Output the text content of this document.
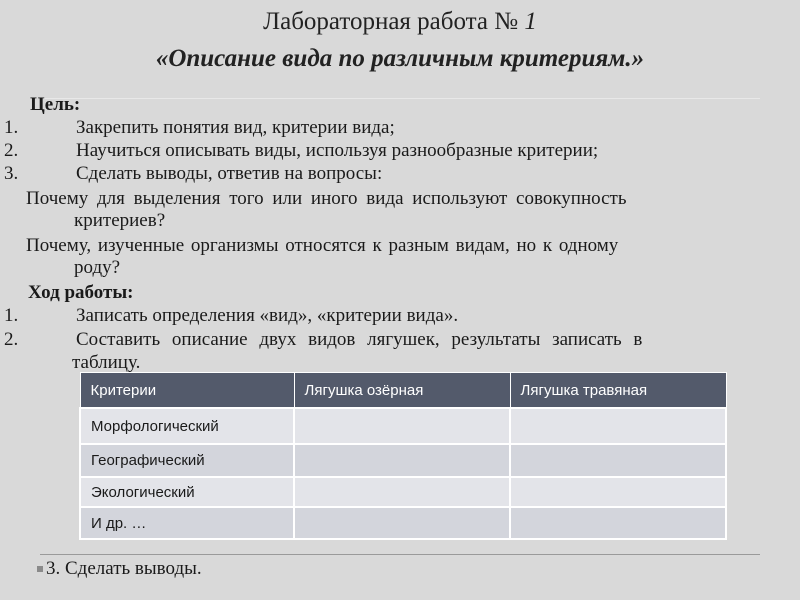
Лабораторная работа № 1
«Описание вида по различным критериям.»
Цель:
1.	Закрепить понятия вид, критерии вида;
2.	Научиться описывать виды, используя разнообразные критерии;
3.	Сделать выводы, ответив на вопросы:
Почему для выделения того или иного вида используют совокупность
критериев?
Почему, изученные организмы относятся к разным видам, но к одному
роду?
Ход работы:
1.	Записать определения «вид», «критерии вида».
2.	Составить описание двух видов лягушек, результаты записать в
таблицу.
Критерии	Лягушка озёрная	Лягушка травяная
Морфологический		
Географический		
Экологический		
И др. …		
3. Сделать выводы.
